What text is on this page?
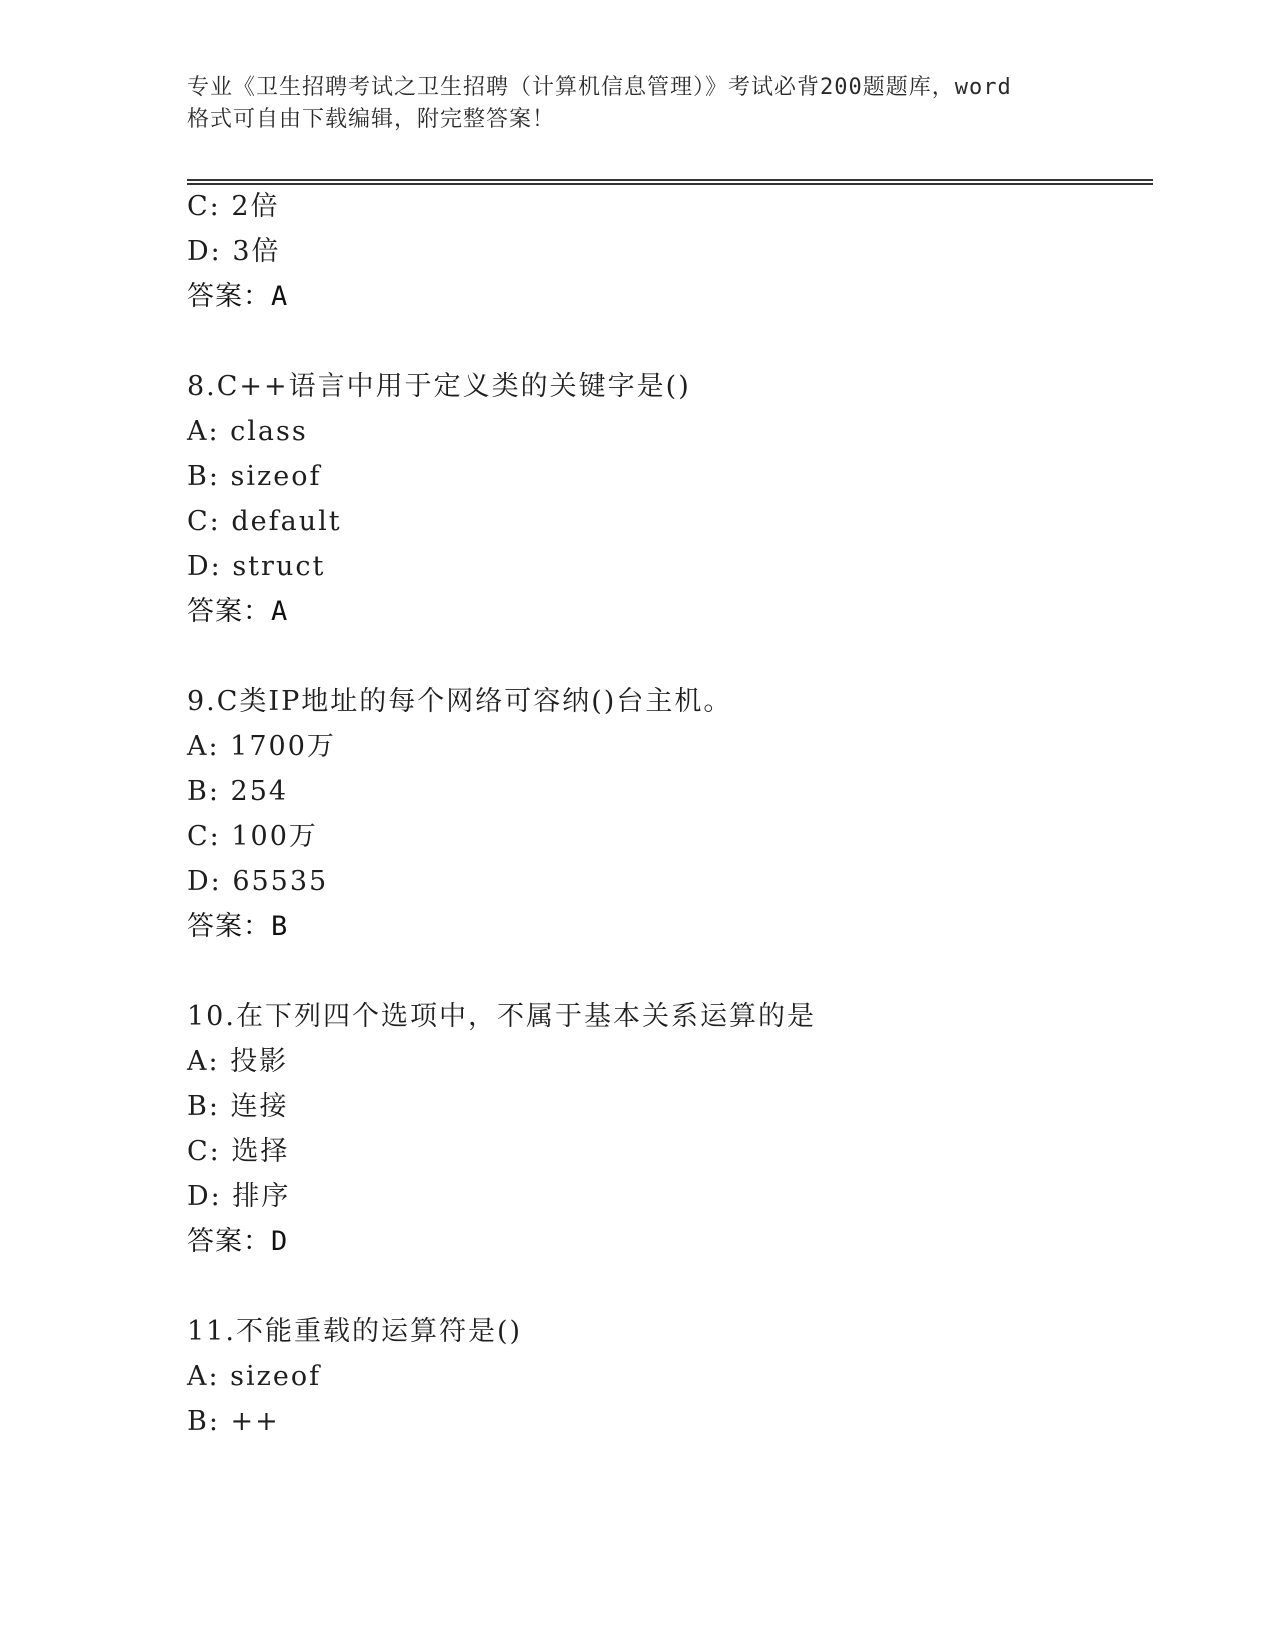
专业《卫生招聘考试之卫生招聘（计算机信息管理）》考试必背200题题库，word
格式可自由下载编辑，附完整答案！
C: 2倍
D: 3倍
答案：A
8.C++语言中用于定义类的关键字是()
A: class
B: sizeof
C: default
D: struct
答案：A
9.C类IP地址的每个网络可容纳()台主机。
A: 1700万
B: 254
C: 100万
D: 65535
答案：B
10.在下列四个选项中，不属于基本关系运算的是
A: 投影
B: 连接
C: 选择
D: 排序
答案：D
11.不能重载的运算符是()
A: sizeof
B: ++
